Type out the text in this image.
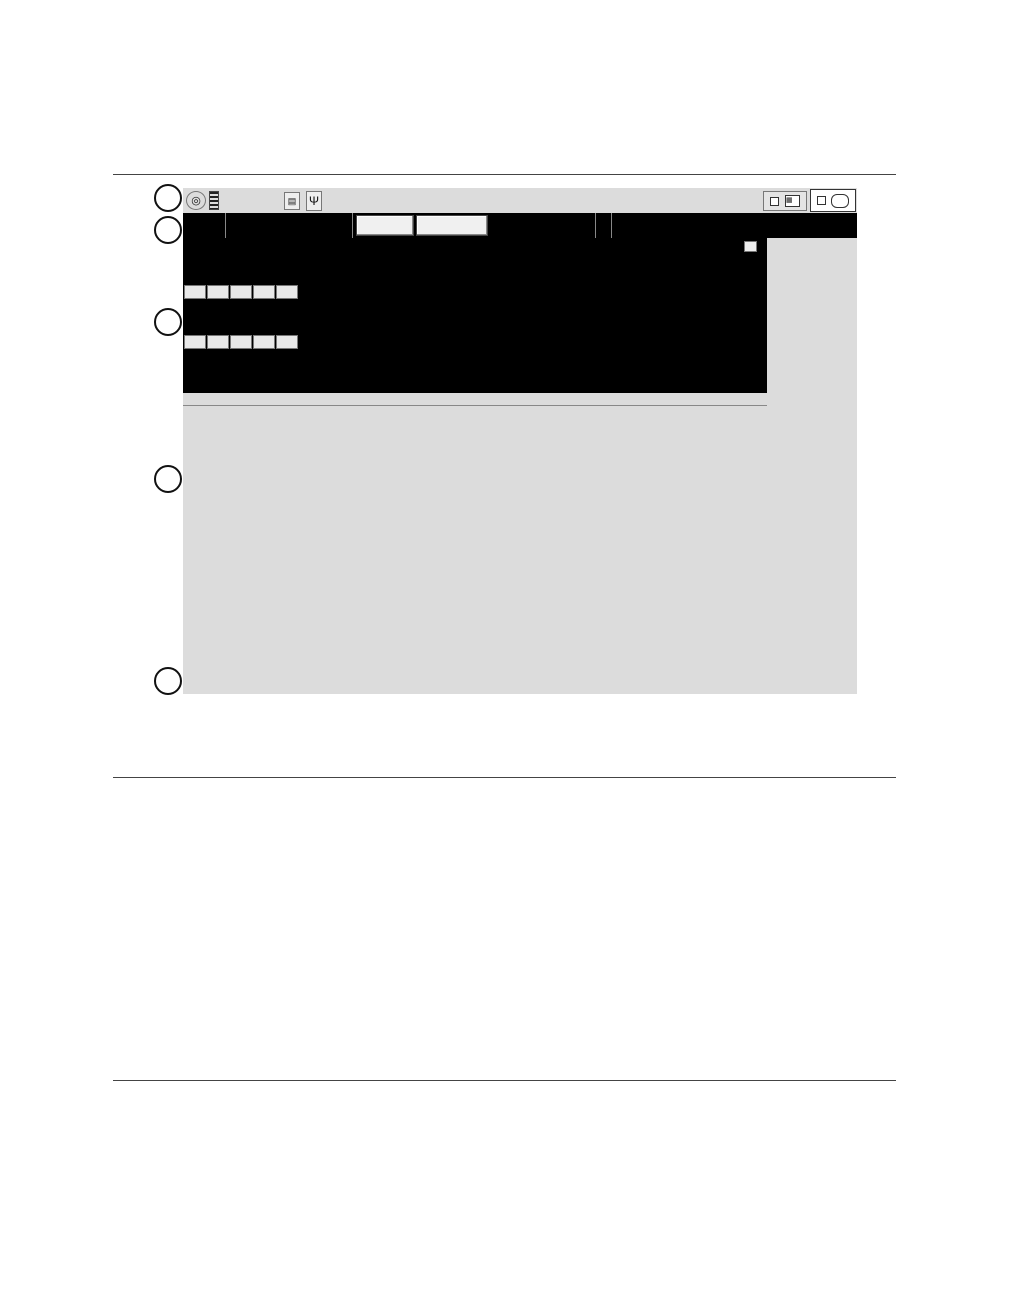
◎	▤	Ψ	▦
